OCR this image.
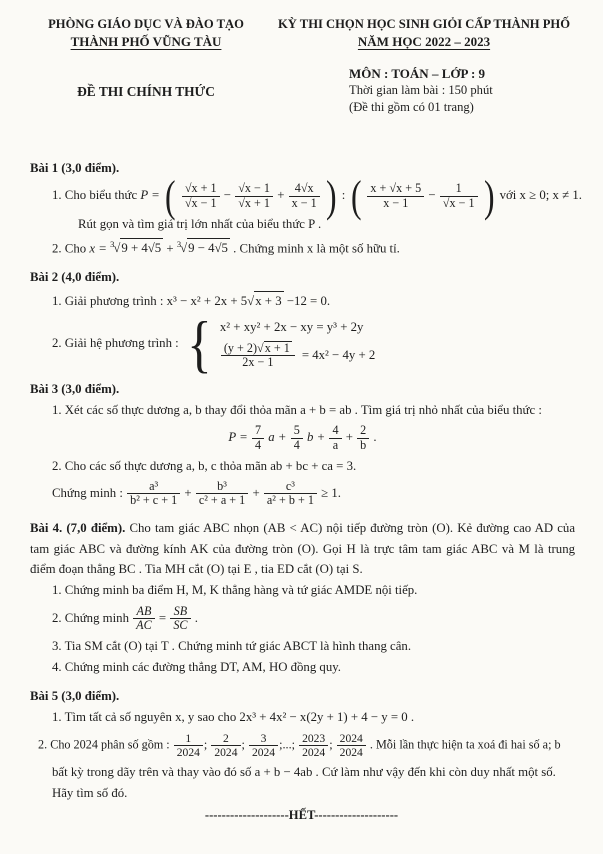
PHÒNG GIÁO DỤC VÀ ĐÀO TẠO
THÀNH PHỐ VŨNG TÀU
ĐỀ THI CHÍNH THỨC
KỲ THI CHỌN HỌC SINH GIỎI CẤP THÀNH PHỐ
NĂM HỌC 2022 – 2023
MÔN : TOÁN – LỚP : 9
Thời gian làm bài : 150 phút
(Đề thi gồm có 01 trang)
Bài 1 (3,0 điểm).
1. Cho biểu thức P = ( $\frac{√x + 1}{√x - 1} - \frac{√x - 1}{√x + 1} + \frac{4√x}{x - 1}$ ) : ( $\frac{x + √x + 5}{x - 1} - \frac{1}{√x - 1}$ ) với x ≥ 0; x ≠ 1.
Rút gọn và tìm giá trị lớn nhất của biểu thức P .
2. Cho x = $^3$√9 + 4√5 + $^3$√9 − 4√5 . Chứng minh x là một số hữu tỉ.
Bài 2 (4,0 điểm).
1. Giải phương trình : x³ − x² + 2x + 5√x + 3 −12 = 0.
2. Giải hệ phương trình : { x² + xy² + 2x − xy = y³ + 2y
$\frac{(y + 2)√x + 1}{2x - 1} = 4x^2 - 4y + 2$
Bài 3 (3,0 điểm).
1. Xét các số thực dương a, b thay đổi thỏa mãn a + b = ab . Tìm giá trị nhỏ nhất của biểu thức :
$P = \frac{7}{4}$ $a + \frac{5}{4}$ $b + \frac{4}{a} + \frac{2}{b}$ .
2. Cho các số thực dương a, b, c thỏa mãn ab + bc + ca = 3.
Chứng minh : $\frac{\text{a³}}{\text{b² + c + 1}} + \frac{\text{b³}}{\text{c² + a + 1}} + \frac{\text{c³}}{\text{a² + b + 1}} \ge 1$.
Bài 4. (7,0 điểm). Cho tam giác ABC nhọn (AB < AC) nội tiếp đường tròn (O). Kẻ đường cao AD của tam giác ABC và đường kính AK của đường tròn (O). Gọi H là trực tâm tam giác ABC và M là trung điểm đoạn thẳng BC . Tia MH cắt (O) tại E , tia ED cắt (O) tại S.
1. Chứng minh ba điểm H, M, K thẳng hàng và tứ giác AMDE nội tiếp.
2. Chứng minh $\frac{AB}{AC} = \frac{SB}{SC}$ .
3. Tia SM cắt (O) tại T . Chứng minh tứ giác ABCT là hình thang cân.
4. Chứng minh các đường thẳng DT, AM, HO đồng quy.
Bài 5 (3,0 điểm).
1. Tìm tất cả số nguyên x, y sao cho 2x³ + 4x² − x(2y + 1) + 4 − y = 0 .
2. Cho 2024 phân số gồm : $\frac{1}{2024}$ ; $\frac{2}{2024}$ ; $\frac{3}{2024}$ ;...; $\frac{2023}{2024}$ ; $\frac{2024}{2024}$ . Mỗi lần thực hiện ta xoá đi hai số a; b
bất kỳ trong dãy trên và thay vào đó số a + b − 4ab . Cứ làm như vậy đến khi còn duy nhất một số.
Hãy tìm số đó.
--------------------HẾT--------------------
